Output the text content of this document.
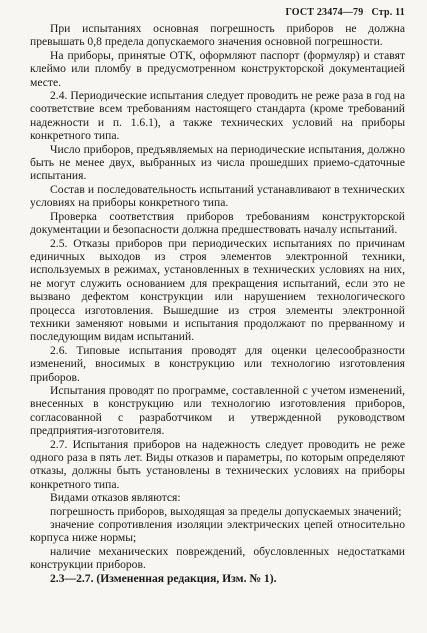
ГОСТ 23474—79 Стр. 11

При испытаниях основная погрешность приборов не должна превышать 0,8 предела допускаемого значения основной погрешности.

На приборы, принятые ОТК, оформляют паспорт (формуляр) и ставят клеймо или пломбу в предусмотренном конструкторской документацией месте.

2.4. Периодические испытания следует проводить не реже раза в год на соответствие всем требованиям настоящего стандарта (кроме требований надежности и п. 1.6.1), а также технических условий на приборы конкретного типа.

Число приборов, предъявляемых на периодические испытания, должно быть не менее двух, выбранных из числа прошедших приемо-сдаточные испытания.

Состав и последовательность испытаний устанавливают в технических условиях на приборы конкретного типа.

Проверка соответствия приборов требованиям конструкторской документации и безопасности должна предшествовать началу испытаний.

2.5. Отказы приборов при периодических испытаниях по причинам единичных выходов из строя элементов электронной техники, используемых в режимах, установленных в технических условиях на них, не могут служить основанием для прекращения испытаний, если это не вызвано дефектом конструкции или нарушением технологического процесса изготовления. Вышедшие из строя элементы электронной техники заменяют новыми и испытания продолжают по прерванному и последующим видам испытаний.

2.6. Типовые испытания проводят для оценки целесообразности изменений, вносимых в конструкцию или технологию изготовления приборов.

Испытания проводят по программе, составленной с учетом изменений, внесенных в конструкцию или технологию изготовления приборов, согласованной с разработчиком и утвержденной руководством предприятия-изготовителя.

2.7. Испытания приборов на надежность следует проводить не реже одного раза в пять лет. Виды отказов и параметры, по которым определяют отказы, должны быть установлены в технических условиях на приборы конкретного типа.

Видами отказов являются:

погрешность приборов, выходящая за пределы допускаемых значений;

значение сопротивления изоляции электрических цепей относительно корпуса ниже нормы;

наличие механических повреждений, обусловленных недостатками конструкции приборов.

2.3—2.7. (Измененная редакция, Изм. № 1).
